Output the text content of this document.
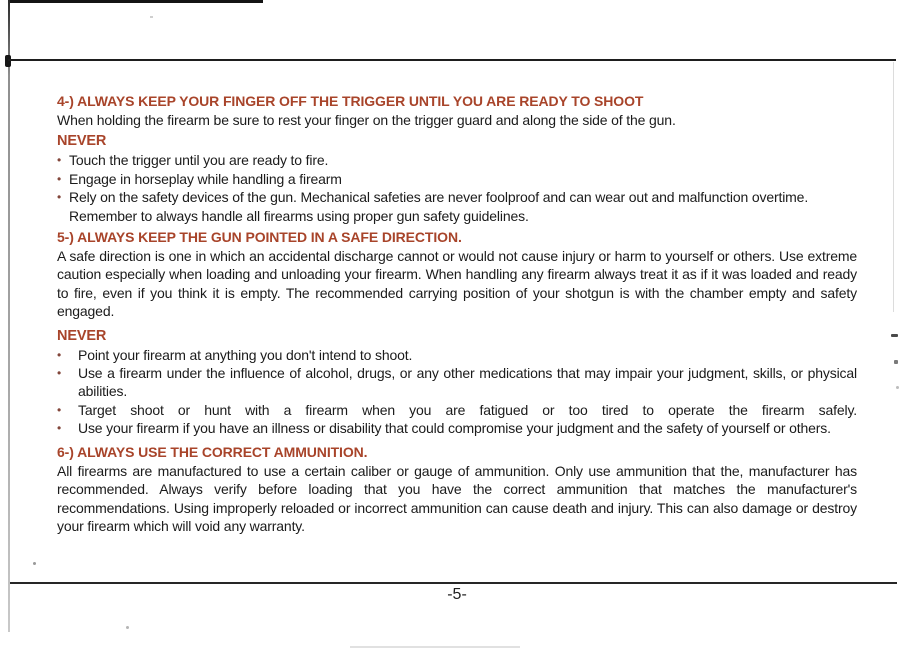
4-) ALWAYS KEEP YOUR FINGER OFF THE TRIGGER UNTIL YOU ARE READY TO SHOOT

When holding the firearm be sure to rest your finger on the trigger guard and along the side of the gun.

NEVER
• Touch the trigger until you are ready to fire.
• Engage in horseplay while handling a firearm
• Rely on the safety devices of the gun. Mechanical safeties are never foolproof and can wear out and malfunction overtime. Remember to always handle all firearms using proper gun safety guidelines.
5-) ALWAYS KEEP THE GUN POINTED IN A SAFE DIRECTION.

A safe direction is one in which an accidental discharge cannot or would not cause injury or harm to yourself or others. Use extreme caution especially when loading and unloading your firearm. When handling any firearm always treat it as if it was loaded and ready to fire, even if you think it is empty. The recommended carrying position of your shotgun is with the chamber empty and safety engaged.

NEVER
•	Point your firearm at anything you don't intend to shoot.
•	Use a firearm under the influence of alcohol, drugs, or any other medications that may impair your judgment, skills, or physical abilities.
•	Target shoot or hunt with a firearm when you are fatigued or too tired to operate the firearm safely.
•	Use your firearm if you have an illness or disability that could compromise your judgment and the safety of yourself or others.
6-) ALWAYS USE THE CORRECT AMMUNITION.

All firearms are manufactured to use a certain caliber or gauge of ammunition. Only use ammunition that the, manufacturer has recommended. Always verify before loading that you have the correct ammunition that matches the manufacturer's recommendations. Using improperly reloaded or incorrect ammunition can cause death and injury. This can also damage or destroy your firearm which will void any warranty.

-5-
